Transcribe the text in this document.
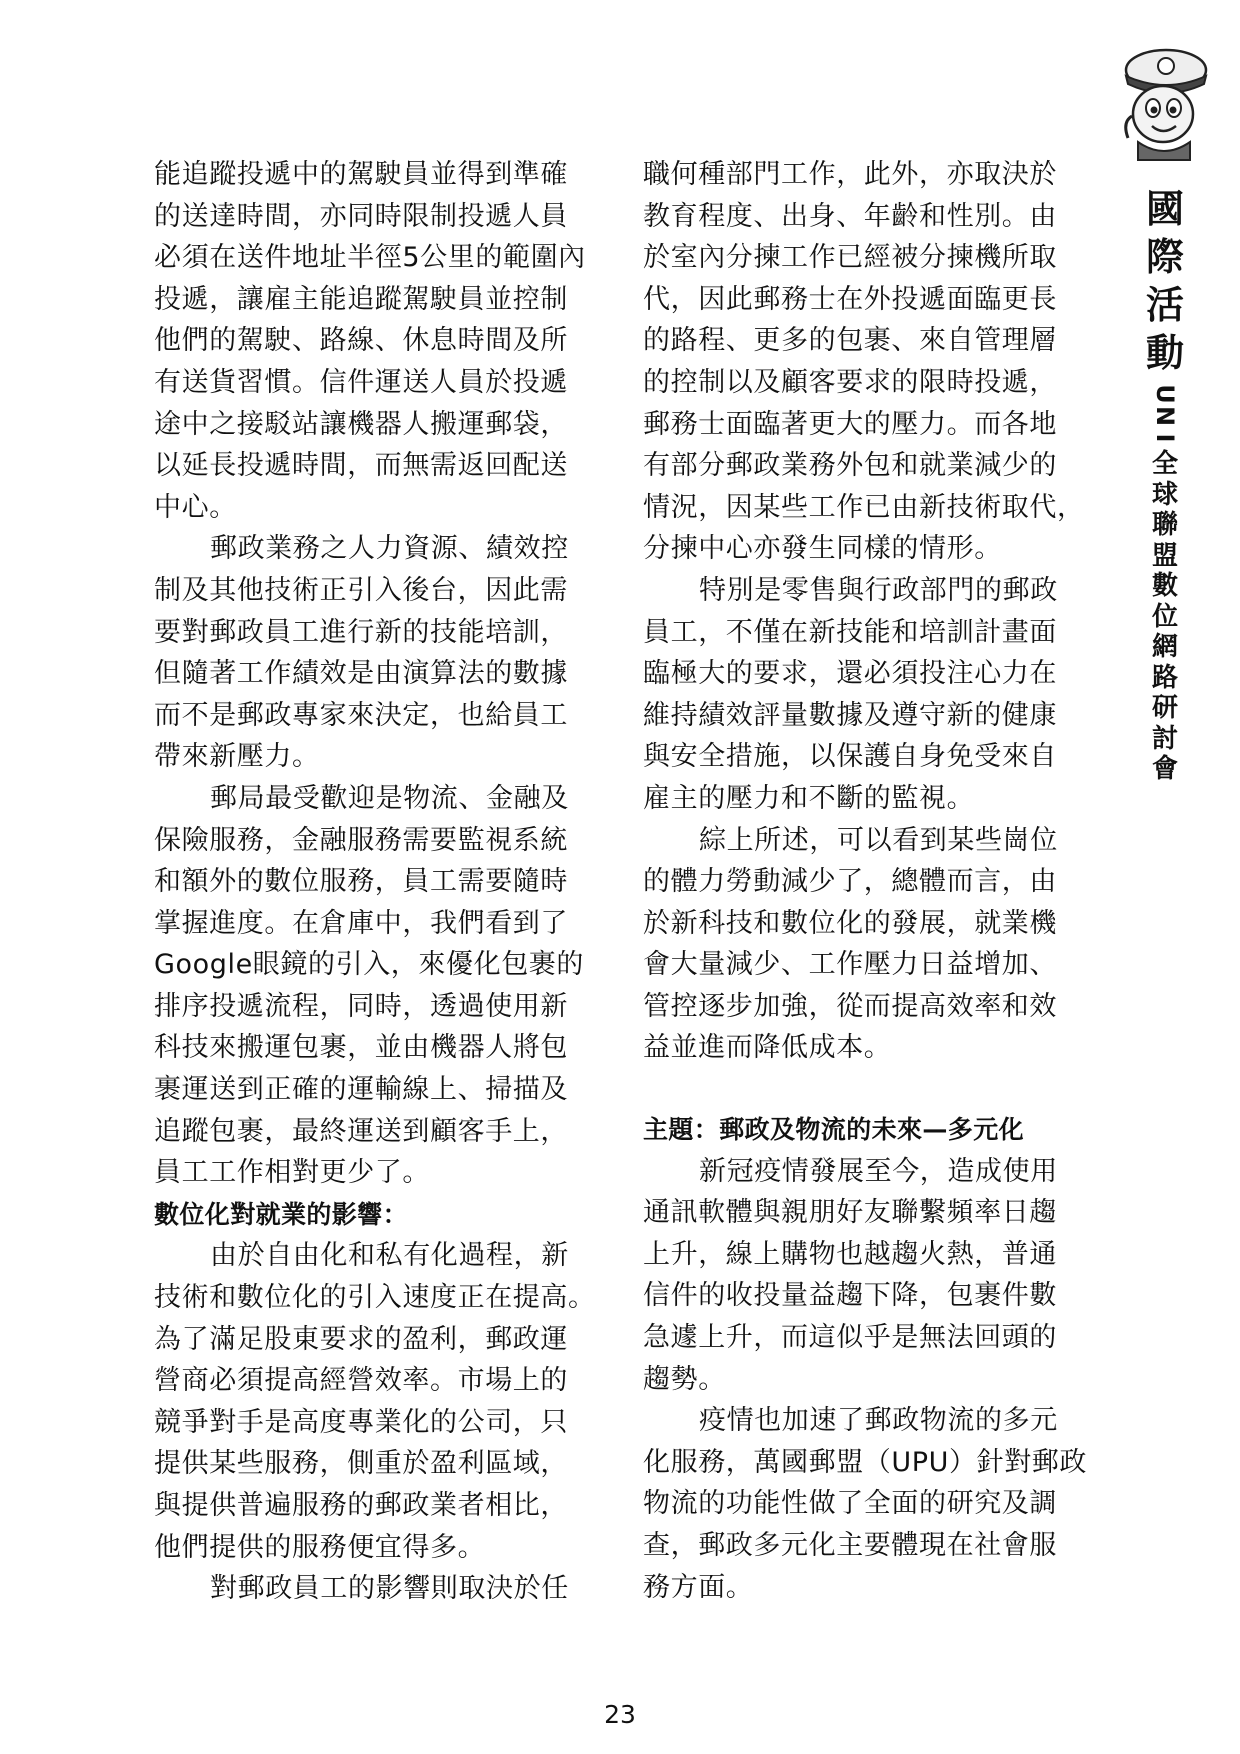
能追蹤投遞中的駕駛員並得到準確
的送達時間，亦同時限制投遞人員
必須在送件地址半徑5公里的範圍內
投遞，讓雇主能追蹤駕駛員並控制
他們的駕駛、路線、休息時間及所
有送貨習慣。信件運送人員於投遞
途中之接駁站讓機器人搬運郵袋，
以延長投遞時間，而無需返回配送
中心。
郵政業務之人力資源、績效控
制及其他技術正引入後台，因此需
要對郵政員工進行新的技能培訓，
但隨著工作績效是由演算法的數據
而不是郵政專家來決定，也給員工
帶來新壓力。
郵局最受歡迎是物流、金融及
保險服務，金融服務需要監視系統
和額外的數位服務，員工需要隨時
掌握進度。在倉庫中，我們看到了
Google眼鏡的引入，來優化包裹的
排序投遞流程，同時，透過使用新
科技來搬運包裹，並由機器人將包
裹運送到正確的運輸線上、掃描及
追蹤包裹，最終運送到顧客手上，
員工工作相對更少了。
數位化對就業的影響：
由於自由化和私有化過程，新
技術和數位化的引入速度正在提高。
為了滿足股東要求的盈利，郵政運
營商必須提高經營效率。市場上的
競爭對手是高度專業化的公司，只
提供某些服務，側重於盈利區域，
與提供普遍服務的郵政業者相比，
他們提供的服務便宜得多。
對郵政員工的影響則取決於任
職何種部門工作，此外，亦取決於
教育程度、出身、年齡和性別。由
於室內分揀工作已經被分揀機所取
代，因此郵務士在外投遞面臨更長
的路程、更多的包裹、來自管理層
的控制以及顧客要求的限時投遞，
郵務士面臨著更大的壓力。而各地
有部分郵政業務外包和就業減少的
情況，因某些工作已由新技術取代，
分揀中心亦發生同樣的情形。
特別是零售與行政部門的郵政
員工，不僅在新技能和培訓計畫面
臨極大的要求，還必須投注心力在
維持績效評量數據及遵守新的健康
與安全措施，以保護自身免受來自
雇主的壓力和不斷的監視。
綜上所述，可以看到某些崗位
的體力勞動減少了，總體而言，由
於新科技和數位化的發展，就業機
會大量減少、工作壓力日益增加、
管控逐步加強，從而提高效率和效
益並進而降低成本。
主題：郵政及物流的未來—多元化
新冠疫情發展至今，造成使用
通訊軟體與親朋好友聯繫頻率日趨
上升，線上購物也越趨火熱，普通
信件的收投量益趨下降，包裹件數
急遽上升，而這似乎是無法回頭的
趨勢。
疫情也加速了郵政物流的多元
化服務，萬國郵盟（UPU）針對郵政
物流的功能性做了全面的研究及調
查，郵政多元化主要體現在社會服
務方面。
國
際
活
動
U
N
I
全
球
聯
盟
數
位
網
路
研
討
會
23
